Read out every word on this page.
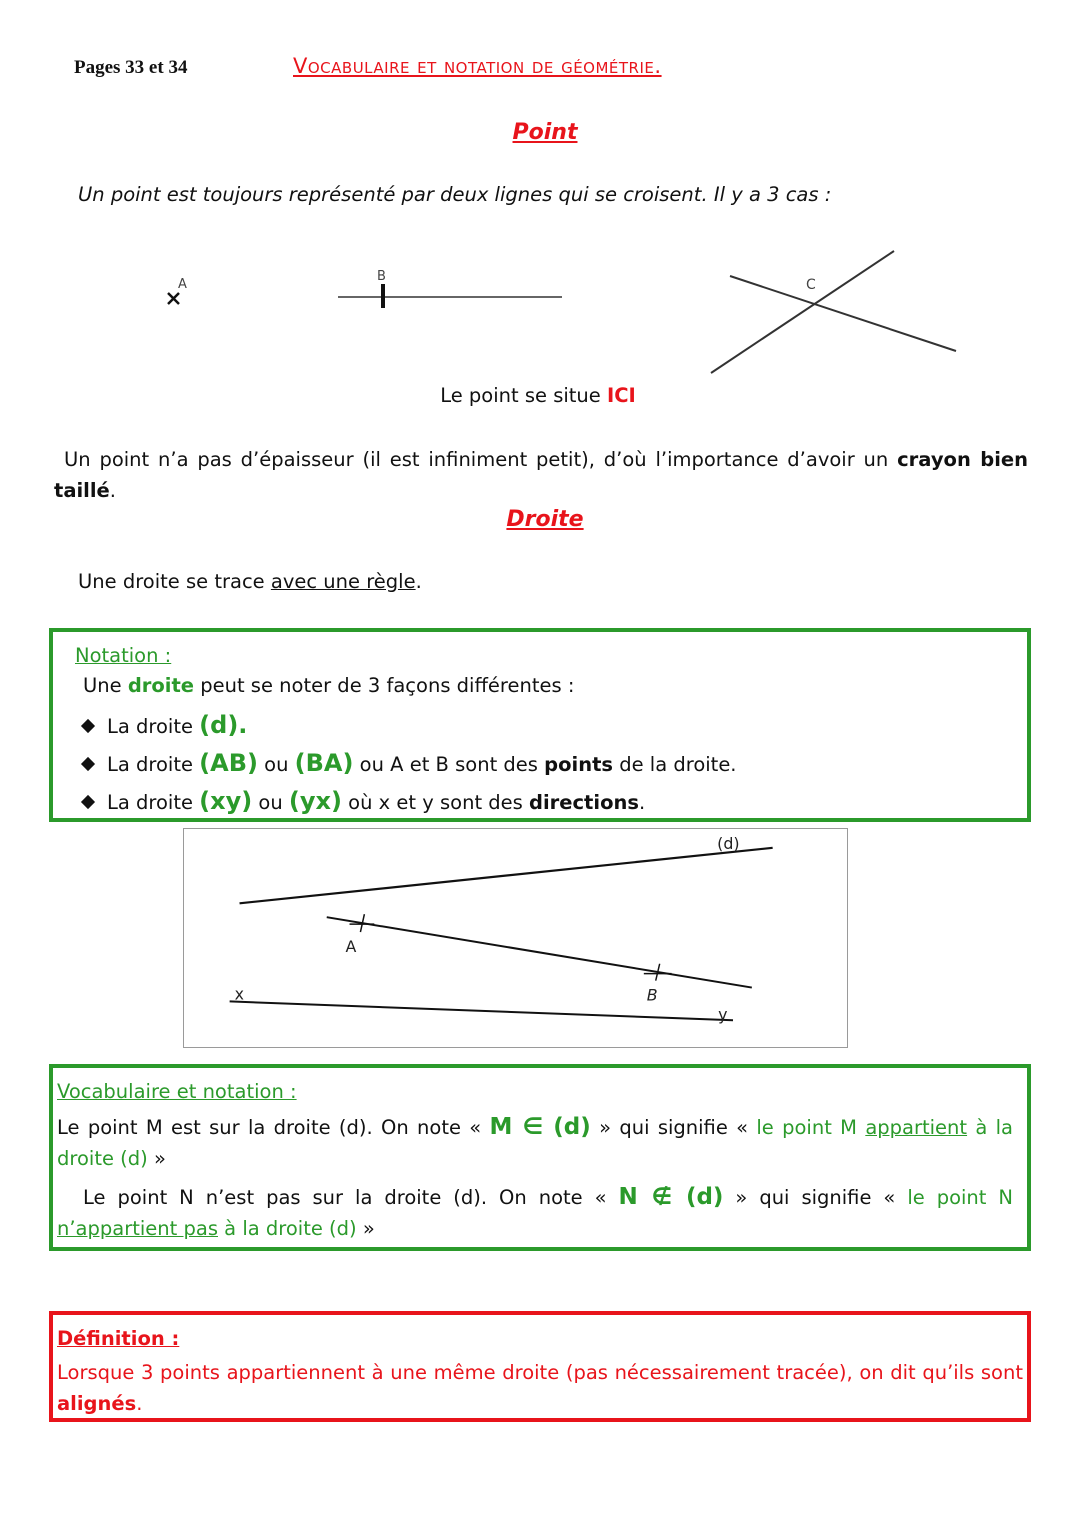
Pages 33 et 34	Vocabulaire et notation de géométrie.
Point
Un point est toujours représenté par deux lignes qui se croisent. Il y a 3 cas :
A
B
C
Le point se situe ICI
Un point n’a pas d’épaisseur (il est infiniment petit), d’où l’importance d’avoir un crayon bien taillé.
Droite
Une droite se trace avec une règle.
Notation :
Une droite peut se noter de 3 façons différentes :
La droite (d).
La droite (AB) ou (BA) ou A et B sont des points de la droite.
La droite (xy) ou (yx) où x et y sont des directions.
(d)
A
B
x
y
Vocabulaire et notation :
Le point M est sur la droite (d). On note « M ∈ (d) » qui signifie « le point M appartient à la droite (d) »
Le point N n’est pas sur la droite (d). On note « N ∉ (d) » qui signifie « le point N n’appartient pas à la droite (d) »
Définition :
Lorsque 3 points appartiennent à une même droite (pas nécessairement tracée), on dit qu’ils sont alignés.
